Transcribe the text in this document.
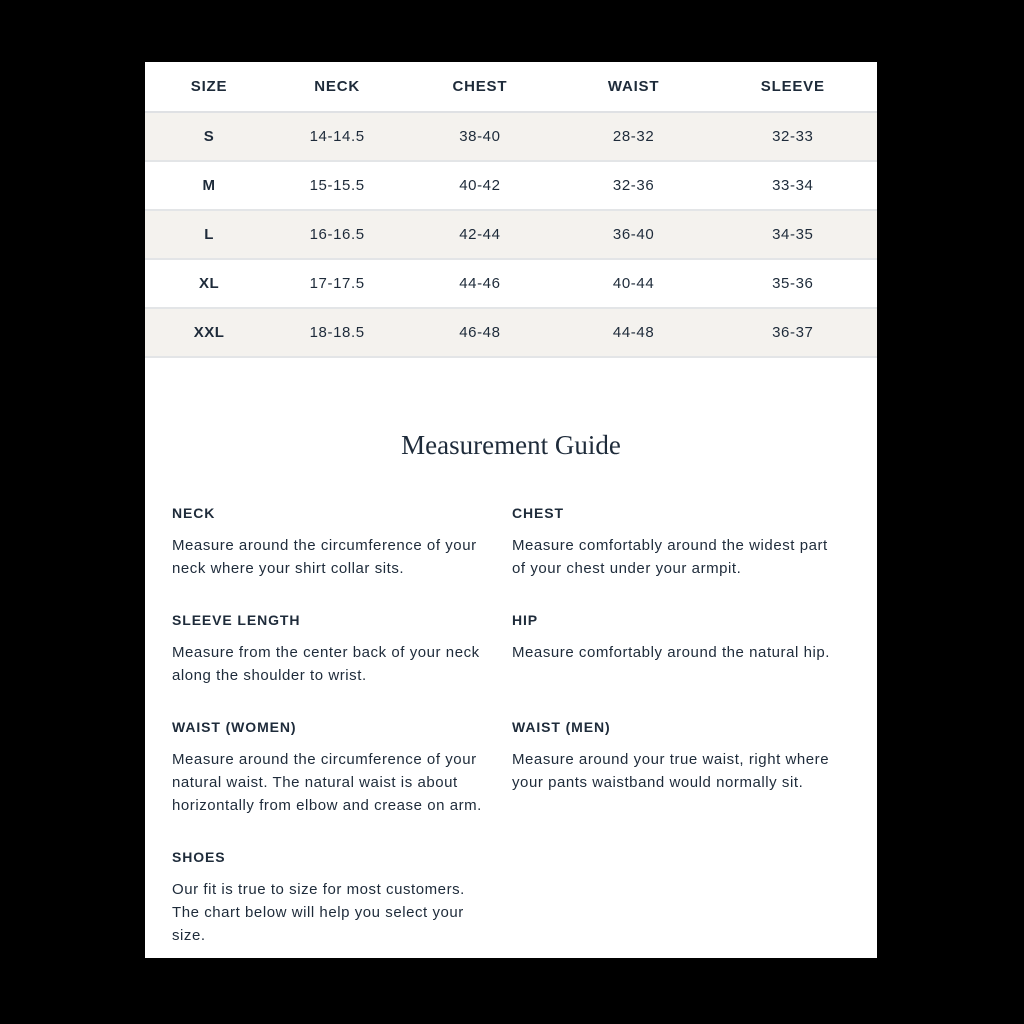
SIZE	NECK	CHEST	WAIST	SLEEVE
S	14-14.5	38-40	28-32	32-33
M	15-15.5	40-42	32-36	33-34
L	16-16.5	42-44	36-40	34-35
XL	17-17.5	44-46	40-44	35-36
XXL	18-18.5	46-48	44-48	36-37
Measurement Guide
NECK

Measure around the circumference of your neck where your shirt collar sits.

CHEST

Measure comfortably around the widest part of your chest under your armpit.

SLEEVE LENGTH

Measure from the center back of your neck along the shoulder to wrist.

HIP

Measure comfortably around the natural hip.

WAIST (WOMEN)

Measure around the circumference of your natural waist. The natural waist is about horizontally from elbow and crease on arm.

WAIST (MEN)

Measure around your true waist, right where your pants waistband would normally sit.

SHOES

Our fit is true to size for most customers. The chart below will help you select your size.
